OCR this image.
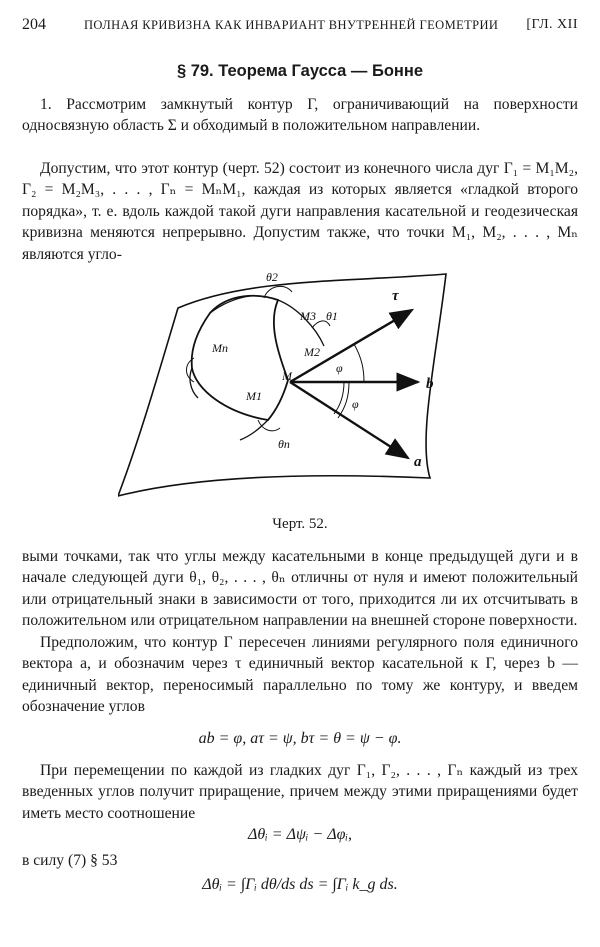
204	ПОЛНАЯ КРИВИЗНА КАК ИНВАРИАНТ ВНУТРЕННЕЙ ГЕОМЕТРИИ [ГЛ. XII
§ 79. Теорема Гаусса — Бонне

1. Рассмотрим замкнутый контур Γ, ограничивающий на поверхности односвязную область Σ и обходимый в положительном направлении.

Допустим, что этот контур (черт. 52) состоит из конечного числа дуг Γ₁ = M₁M₂, Γ₂ = M₂M₃, . . . , Γₙ = MₙM₁, каждая из которых является «гладкой второго порядка», т. е. вдоль каждой такой дуги направления касательной и геодезическая кривизна меняются непрерывно. Допустим также, что точки M₁, M₂, . . . , Mₙ являются угло-

θ2
θ1
θn
M3
M2
M1
Mn
M
φ
φ
τ
b
a
Черт. 52.

выми точками, так что углы между касательными в конце предыдущей дуги и в начале следующей дуги θ₁, θ₂, . . . , θₙ отличны от нуля и имеют положительный или отрицательный знаки в зависимости от того, приходится ли их отсчитывать в положительном или отрицательном направлении на внешней стороне поверхности.

Предположим, что контур Γ пересечен линиями регулярного поля единичного вектора a, и обозначим через τ единичный вектор касательной к Γ, через b — единичный вектор, переносимый параллельно по тому же контуру, и введем обозначение углов

ab = φ, aτ = ψ, bτ = θ = ψ − φ.

При перемещении по каждой из гладких дуг Γ₁, Γ₂, . . . , Γₙ каждый из трех введенных углов получит приращение, причем между этими приращениями будет иметь место соотношение

Δθᵢ = Δψᵢ − Δφᵢ,

в силу (7) § 53

Δθᵢ = ∫Γᵢ dθ/ds ds = ∫Γᵢ k_g ds.
